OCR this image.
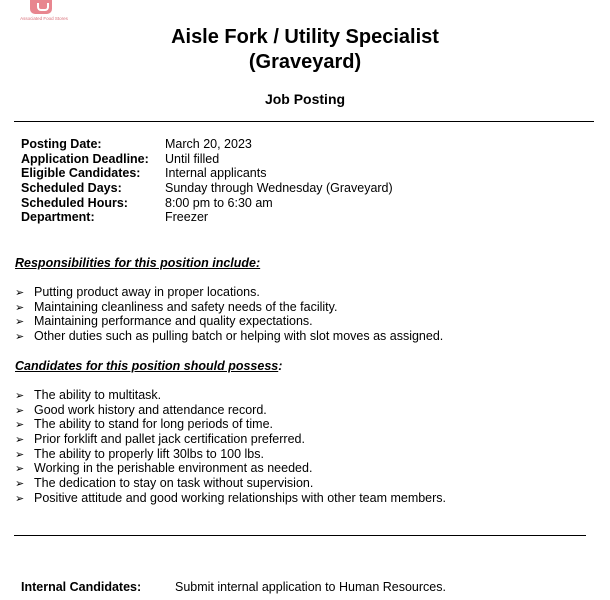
Associated Food Stores
Aisle Fork / Utility Specialist
(Graveyard)
Job Posting
Posting Date:	March 20, 2023
Application Deadline: Until filled
Eligible Candidates: Internal applicants
Scheduled Days:	Sunday through Wednesday (Graveyard)
Scheduled Hours:	8:00 pm to 6:30 am
Department:	Freezer
Responsibilities for this position include:
➢ Putting product away in proper locations.
➢ Maintaining cleanliness and safety needs of the facility.
➢ Maintaining performance and quality expectations.
➢ Other duties such as pulling batch or helping with slot moves as assigned.
Candidates for this position should possess:
➢ The ability to multitask.
➢ Good work history and attendance record.
➢ The ability to stand for long periods of time.
➢ Prior forklift and pallet jack certification preferred.
➢ The ability to properly lift 30lbs to 100 lbs.
➢ Working in the perishable environment as needed.
➢ The dedication to stay on task without supervision.
➢ Positive attitude and good working relationships with other team members.
Internal Candidates:	Submit internal application to Human Resources.
